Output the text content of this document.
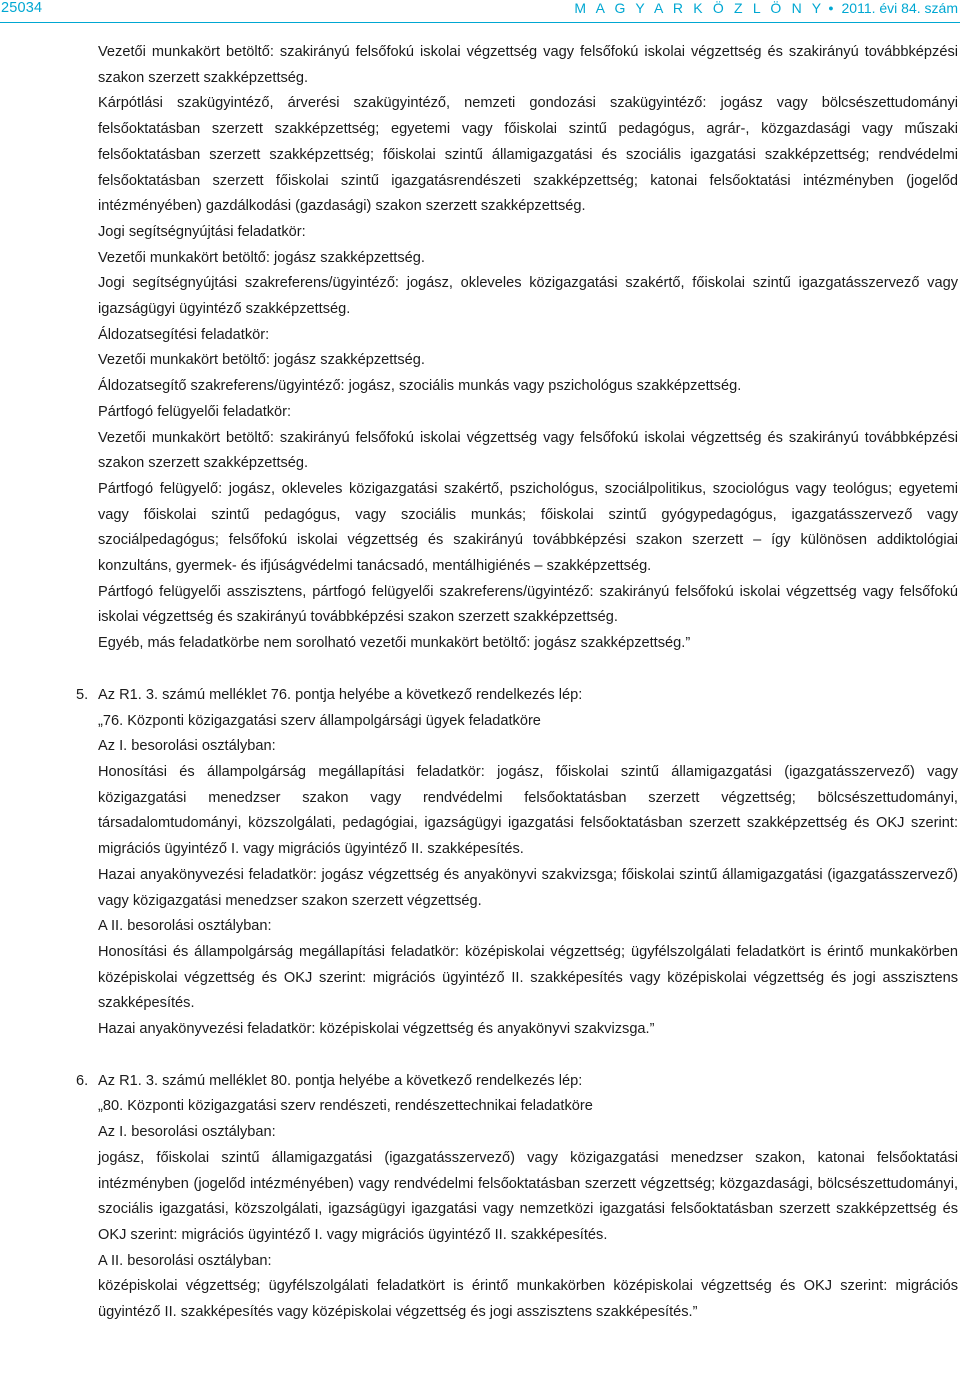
25034	M A G Y A R K Ö Z L Ö N Y ● 2011. évi 84. szám

Vezetői munkakört betöltő: szakirányú felsőfokú iskolai végzettség vagy felsőfokú iskolai végzettség és szakirányú továbbképzési szakon szerzett szakképzettség.

Kárpótlási szakügyintéző, árverési szakügyintéző, nemzeti gondozási szakügyintéző: jogász vagy bölcsészettudományi felsőoktatásban szerzett szakképzettség; egyetemi vagy főiskolai szintű pedagógus, agrár-, közgazdasági vagy műszaki felsőoktatásban szerzett szakképzettség; főiskolai szintű államigazgatási és szociális igazgatási szakképzettség; rendvédelmi felsőoktatásban szerzett főiskolai szintű igazgatásrendészeti szakképzettség; katonai felsőoktatási intézményben (jogelőd intézményében) gazdálkodási (gazdasági) szakon szerzett szakképzettség.

Jogi segítségnyújtási feladatkör:

Vezetői munkakört betöltő: jogász szakképzettség.

Jogi segítségnyújtási szakreferens/ügyintéző: jogász, okleveles közigazgatási szakértő, főiskolai szintű igazgatásszervező vagy igazságügyi ügyintéző szakképzettség.

Áldozatsegítési feladatkör:

Vezetői munkakört betöltő: jogász szakképzettség.

Áldozatsegítő szakreferens/ügyintéző: jogász, szociális munkás vagy pszichológus szakképzettség.

Pártfogó felügyelői feladatkör:

Vezetői munkakört betöltő: szakirányú felsőfokú iskolai végzettség vagy felsőfokú iskolai végzettség és szakirányú továbbképzési szakon szerzett szakképzettség.

Pártfogó felügyelő: jogász, okleveles közigazgatási szakértő, pszichológus, szociálpolitikus, szociológus vagy teológus; egyetemi vagy főiskolai szintű pedagógus, vagy szociális munkás; főiskolai szintű gyógypedagógus, igazgatásszervező vagy szociálpedagógus; felsőfokú iskolai végzettség és szakirányú továbbképzési szakon szerzett – így különösen addiktológiai konzultáns, gyermek- és ifjúságvédelmi tanácsadó, mentálhigiénés – szakképzettség.

Pártfogó felügyelői asszisztens, pártfogó felügyelői szakreferens/ügyintéző: szakirányú felsőfokú iskolai végzettség vagy felsőfokú iskolai végzettség és szakirányú továbbképzési szakon szerzett szakképzettség.

Egyéb, más feladatkörbe nem sorolható vezetői munkakört betöltő: jogász szakképzettség.”

5. Az R1. 3. számú melléklet 76. pontja helyébe a következő rendelkezés lép:

„76. Központi közigazgatási szerv állampolgársági ügyek feladatköre

Az I. besorolási osztályban:

Honosítási és állampolgárság megállapítási feladatkör: jogász, főiskolai szintű államigazgatási (igazgatásszervező) vagy közigazgatási menedzser szakon vagy rendvédelmi felsőoktatásban szerzett végzettség; bölcsészettudományi, társadalomtudományi, közszolgálati, pedagógiai, igazságügyi igazgatási felsőoktatásban szerzett szakképzettség és OKJ szerint: migrációs ügyintéző I. vagy migrációs ügyintéző II. szakképesítés.

Hazai anyakönyvezési feladatkör: jogász végzettség és anyakönyvi szakvizsga; főiskolai szintű államigazgatási (igazgatásszervező) vagy közigazgatási menedzser szakon szerzett végzettség.

A II. besorolási osztályban:

Honosítási és állampolgárság megállapítási feladatkör: középiskolai végzettség; ügyfélszolgálati feladatkört is érintő munkakörben középiskolai végzettség és OKJ szerint: migrációs ügyintéző II. szakképesítés vagy középiskolai végzettség és jogi asszisztens szakképesítés.

Hazai anyakönyvezési feladatkör: középiskolai végzettség és anyakönyvi szakvizsga.”

6. Az R1. 3. számú melléklet 80. pontja helyébe a következő rendelkezés lép:

„80. Központi közigazgatási szerv rendészeti, rendészettechnikai feladatköre

Az I. besorolási osztályban:

jogász, főiskolai szintű államigazgatási (igazgatásszervező) vagy közigazgatási menedzser szakon, katonai felsőoktatási intézményben (jogelőd intézményében) vagy rendvédelmi felsőoktatásban szerzett végzettség; közgazdasági, bölcsészettudományi, szociális igazgatási, közszolgálati, igazságügyi igazgatási vagy nemzetközi igazgatási felsőoktatásban szerzett szakképzettség és OKJ szerint: migrációs ügyintéző I. vagy migrációs ügyintéző II. szakképesítés.

A II. besorolási osztályban:

középiskolai végzettség; ügyfélszolgálati feladatkört is érintő munkakörben középiskolai végzettség és OKJ szerint: migrációs ügyintéző II. szakképesítés vagy középiskolai végzettség és jogi asszisztens szakképesítés.”
